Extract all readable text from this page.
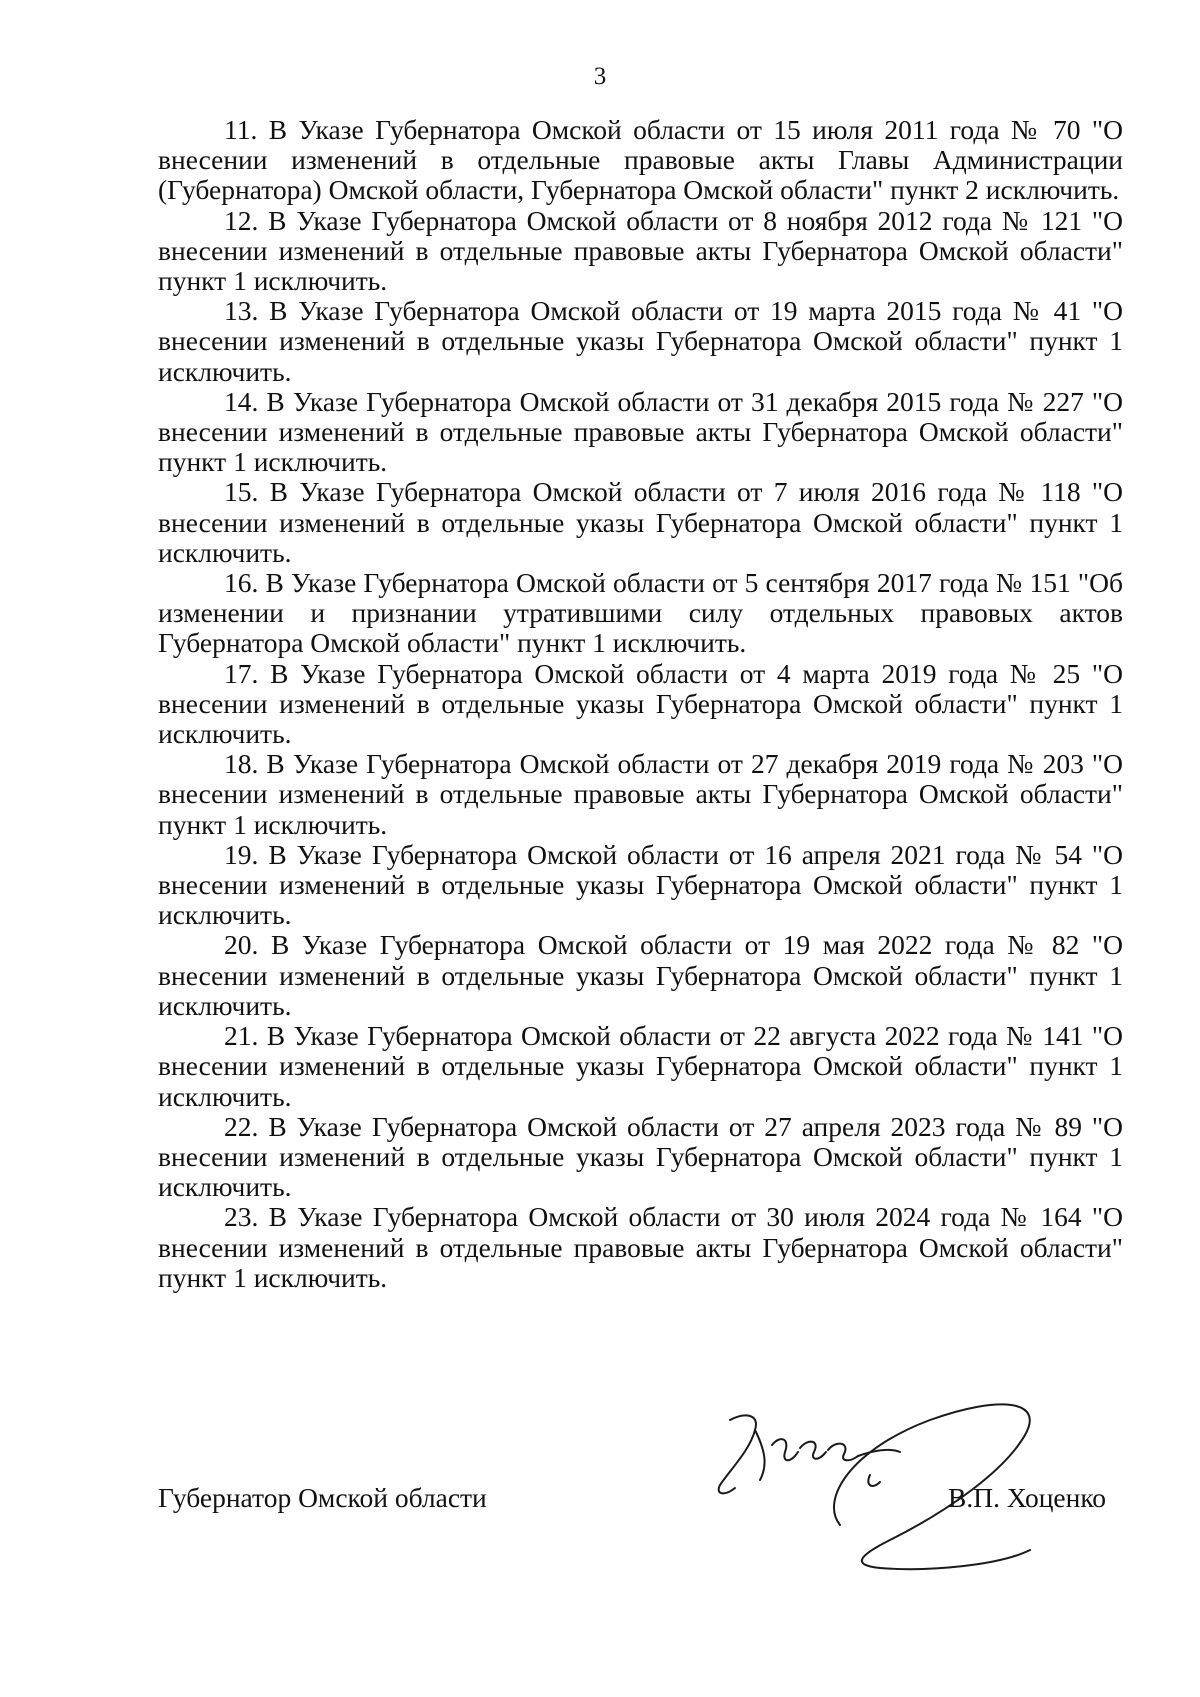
3

11. В Указе Губернатора Омской области от 15 июля 2011 года № 70 "О внесении изменений в отдельные правовые акты Главы Администрации (Губернатора) Омской области, Губернатора Омской области" пункт 2 исключить.

12. В Указе Губернатора Омской области от 8 ноября 2012 года № 121 "О внесении изменений в отдельные правовые акты Губернатора Омской области" пункт 1 исключить.

13. В Указе Губернатора Омской области от 19 марта 2015 года № 41 "О внесении изменений в отдельные указы Губернатора Омской области" пункт 1 исключить.

14. В Указе Губернатора Омской области от 31 декабря 2015 года № 227 "О внесении изменений в отдельные правовые акты Губернатора Омской области" пункт 1 исключить.

15. В Указе Губернатора Омской области от 7 июля 2016 года № 118 "О внесении изменений в отдельные указы Губернатора Омской области" пункт 1 исключить.

16. В Указе Губернатора Омской области от 5 сентября 2017 года № 151 "Об изменении и признании утратившими силу отдельных правовых актов Губернатора Омской области" пункт 1 исключить.

17. В Указе Губернатора Омской области от 4 марта 2019 года № 25 "О внесении изменений в отдельные указы Губернатора Омской области" пункт 1 исключить.

18. В Указе Губернатора Омской области от 27 декабря 2019 года № 203 "О внесении изменений в отдельные правовые акты Губернатора Омской области" пункт 1 исключить.

19. В Указе Губернатора Омской области от 16 апреля 2021 года № 54 "О внесении изменений в отдельные указы Губернатора Омской области" пункт 1 исключить.

20. В Указе Губернатора Омской области от 19 мая 2022 года № 82 "О внесении изменений в отдельные указы Губернатора Омской области" пункт 1 исключить.

21. В Указе Губернатора Омской области от 22 августа 2022 года № 141 "О внесении изменений в отдельные указы Губернатора Омской области" пункт 1 исключить.

22. В Указе Губернатора Омской области от 27 апреля 2023 года № 89 "О внесении изменений в отдельные указы Губернатора Омской области" пункт 1 исключить.

23. В Указе Губернатора Омской области от 30 июля 2024 года № 164 "О внесении изменений в отдельные правовые акты Губернатора Омской области" пункт 1 исключить.

Губернатор Омской области	В.П. Хоценко
